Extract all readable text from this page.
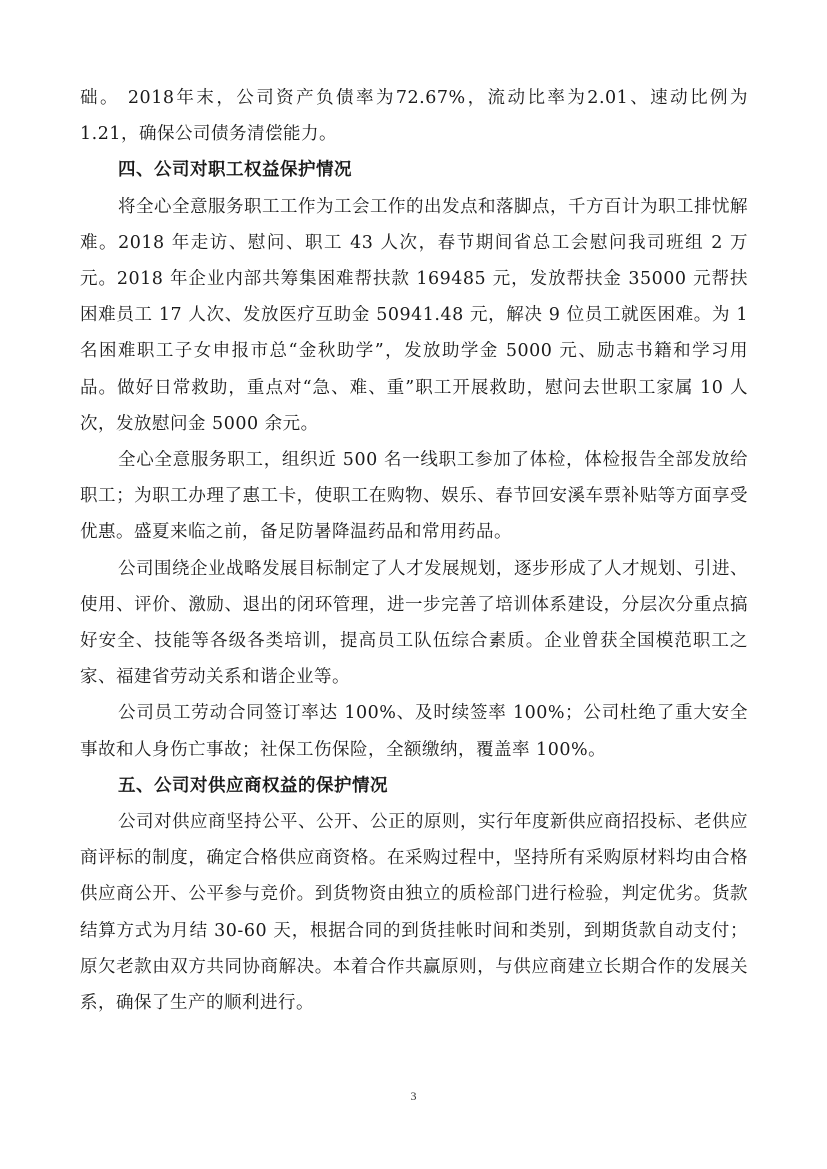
础。 2018年末，公司资产负债率为72.67%，流动比率为2.01、速动比例为1.21，确保公司债务清偿能力。

四、公司对职工权益保护情况

将全心全意服务职工工作为工会工作的出发点和落脚点，千方百计为职工排忧解难。2018 年走访、慰问、职工 43 人次，春节期间省总工会慰问我司班组 2 万元。2018 年企业内部共筹集困难帮扶款 169485 元，发放帮扶金 35000 元帮扶困难员工 17 人次、发放医疗互助金 50941.48 元，解决 9 位员工就医困难。为 1 名困难职工子女申报市总“金秋助学”，发放助学金 5000 元、励志书籍和学习用品。做好日常救助，重点对“急、难、重”职工开展救助，慰问去世职工家属 10 人次，发放慰问金 5000 余元。

全心全意服务职工，组织近 500 名一线职工参加了体检，体检报告全部发放给职工；为职工办理了惠工卡，使职工在购物、娱乐、春节回安溪车票补贴等方面享受优惠。盛夏来临之前，备足防暑降温药品和常用药品。

公司围绕企业战略发展目标制定了人才发展规划，逐步形成了人才规划、引进、使用、评价、激励、退出的闭环管理，进一步完善了培训体系建设，分层次分重点搞好安全、技能等各级各类培训，提高员工队伍综合素质。企业曾获全国模范职工之家、福建省劳动关系和谐企业等。

公司员工劳动合同签订率达 100%、及时续签率 100%；公司杜绝了重大安全事故和人身伤亡事故；社保工伤保险，全额缴纳，覆盖率 100%。

五、公司对供应商权益的保护情况

公司对供应商坚持公平、公开、公正的原则，实行年度新供应商招投标、老供应商评标的制度，确定合格供应商资格。在采购过程中，坚持所有采购原材料均由合格供应商公开、公平参与竞价。到货物资由独立的质检部门进行检验，判定优劣。货款结算方式为月结 30-60 天，根据合同的到货挂帐时间和类别，到期货款自动支付；原欠老款由双方共同协商解决。本着合作共赢原则，与供应商建立长期合作的发展关系，确保了生产的顺利进行。

3
